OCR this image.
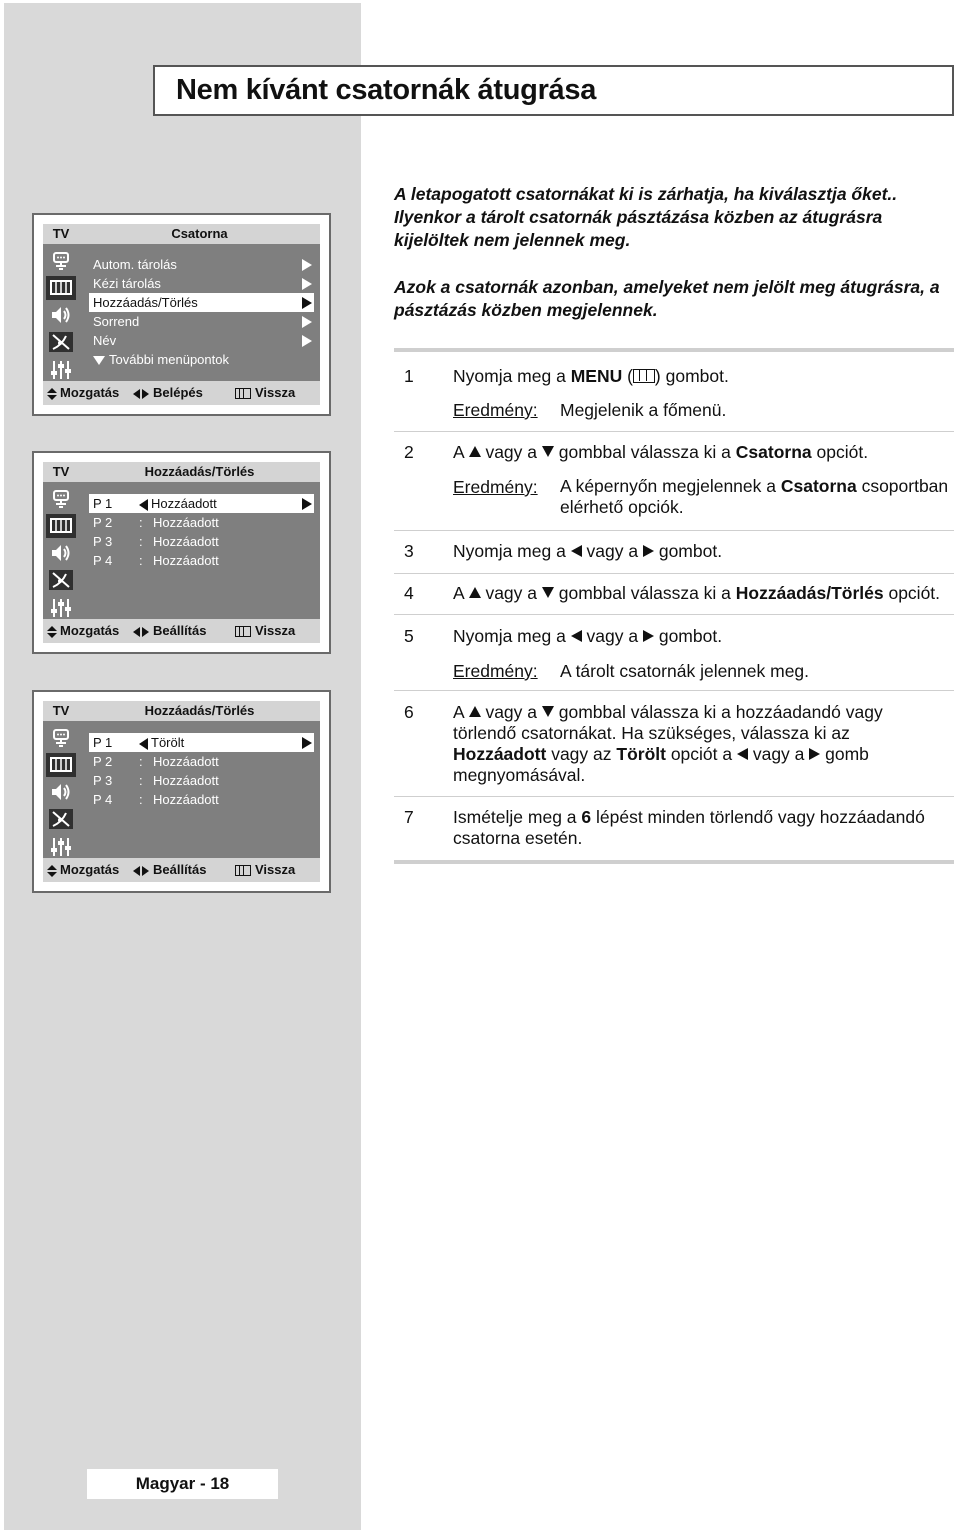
Nem kívánt csatornák átugrása
TV	Csatorna
Autom. tárolás
Kézi tárolás
Hozzáadás/Törlés
Sorrend
Név
További menüpontok
Mozgatás	Belépés	Vissza
TV	Hozzáadás/Törlés
P 1	Hozzáadott
P 2 : Hozzáadott
P 3 : Hozzáadott
P 4 : Hozzáadott
Mozgatás	Beállítás	Vissza
TV	Hozzáadás/Törlés
P 1	Törölt
P 2 : Hozzáadott
P 3 : Hozzáadott
P 4 : Hozzáadott
Mozgatás	Beállítás	Vissza
A letapogatott csatornákat ki is zárhatja, ha kiválasztja őket.. Ilyenkor a tárolt csatornák pásztázása közben az átugrásra kijelöltek nem jelennek meg.
Azok a csatornák azonban, amelyeket nem jelölt meg átugrásra, a pásztázás közben megjelennek.
1 Nyomja meg a MENU ( ) gombot.
Eredmény: Megjelenik a főmenü.
2 A  vagy a  gombbal válassza ki a Csatorna opciót.
Eredmény: A képernyőn megjelennek a Csatorna csoportban elérhető opciók.
3 Nyomja meg a  vagy a  gombot.
4 A  vagy a  gombbal válassza ki a Hozzáadás/Törlés opciót.
5 Nyomja meg a  vagy a  gombot.
Eredmény: A tárolt csatornák jelennek meg.
6 A  vagy a  gombbal válassza ki a hozzáadandó vagy törlendő csatornákat. Ha szükséges, válassza ki az Hozzáadott vagy az Törölt opciót a  vagy a  gomb megnyomásával.
7 Ismételje meg a 6 lépést minden törlendő vagy hozzáadandó csatorna esetén.
Magyar - 18
